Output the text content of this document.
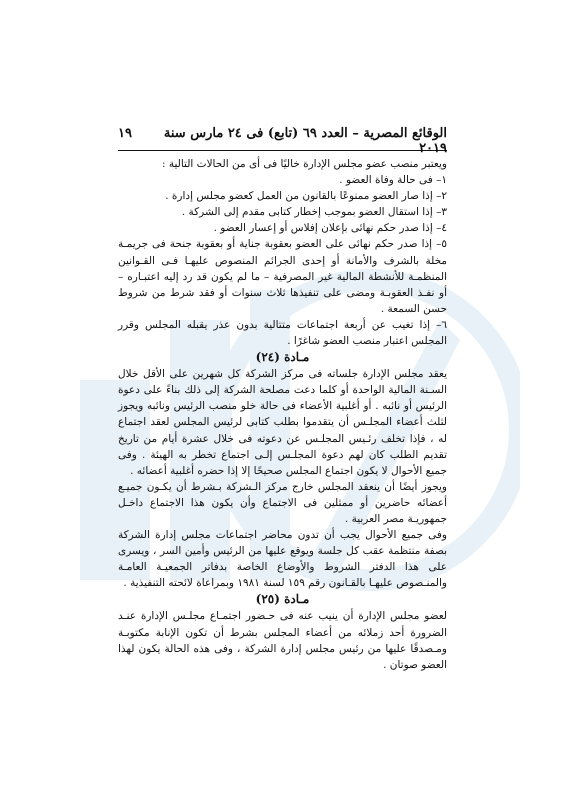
الوقائع المصرية – العدد ٦٩ (تابع) فى ٢٤ مارس سنة ٢٠١٩
١٩

ويعتبر منصب عضو مجلس الإدارة خاليًا فى أى من الحالات التالية :

١– فى حالة وفاة العضو .

٢– إذا صار العضو ممنوعًا بالقانون من العمل كعضو مجلس إدارة .

٣– إذا استقال العضو بموجب إخطار كتابى مقدم إلى الشركة .

٤– إذا صدر حكم نهائى بإعلان إفلاس أو إعسار العضو .

٥– إذا صدر حكم نهائى على العضو بعقوبة جناية أو بعقوبة جنحة فى جريمـة مخلة بالشرف والأمانة أو إحدى الجرائم المنصوص عليهـا فـى القـوانين المنظمـة للأنشطة المالية غير المصرفية – ما لم يكون قد رد إليه اعتبـاره – أو نفـذ العقوبـة ومضى على تنفيذها ثلاث سنوات أو فقد شرط من شروط حسن السمعة .

٦– إذا تغيب عن أربعة اجتماعات متتالية بدون عذر يقبله المجلس وقرر المجلس اعتبار منصب العضو شاغرًا .

مـادة (٢٤)

يعقد مجلس الإدارة جلساته فى مركز الشركة كل شهرين على الأقل خلال السـنة المالية الواحدة أو كلما دعت مصلحة الشركة إلى ذلك بناءً على دعوة الرئيس أو نائبه . أو أغلبية الأعضاء فى حالة خلو منصب الرئيس ونائبه ويجوز لثلث أعضاء المجلـس أن يتقدموا بطلب كتابى لرئيس المجلس لعقد اجتماع له ، فإذا تخلف رئـيس المجلـس عن دعوته فى خلال عشرة أيام من تاريخ تقديم الطلب كان لهم دعوة المجلـس إلـى اجتماع تخطر به الهيئة . وفى جميع الأحوال لا يكون اجتماع المجلس صحيحًا إلا إذا حضره أغلبية أعضائه .

ويجوز أيضًا أن ينعقد المجلس خارج مركز الـشركة بـشرط أن يكـون جميـع أعضائه حاضرين أو ممثلين فى الاجتماع وأن يكون هذا الاجتماع داخـل جمهوريـة مصر العربية .

وفى جميع الأحوال يجب أن تدون محاضر اجتماعات مجلس إدارة الشركة بصفة منتظمة عقب كل جلسة ويوقع عليها من الرئيس وأمين السر ، ويسرى على هذا الدفتر الشروط والأوضاع الخاصة بدفاتر الجمعيـة العامـة والمنـصوص عليهـا بالقـانون رقم ١٥٩ لسنة ١٩٨١ وبمراعاة لائحته التنفيذية .

مـادة (٢٥)

لعضو مجلس الإدارة أن ينيب عنه فى حـضور اجتمـاع مجلـس الإدارة عنـد الضرورة أحد زملائه من أعضاء المجلس بشرط أن تكون الإنابة مكتوبـة ومـصدقًا عليها من رئيس مجلس إدارة الشركة ، وفى هذه الحالة يكون لهذا العضو صوتان .
